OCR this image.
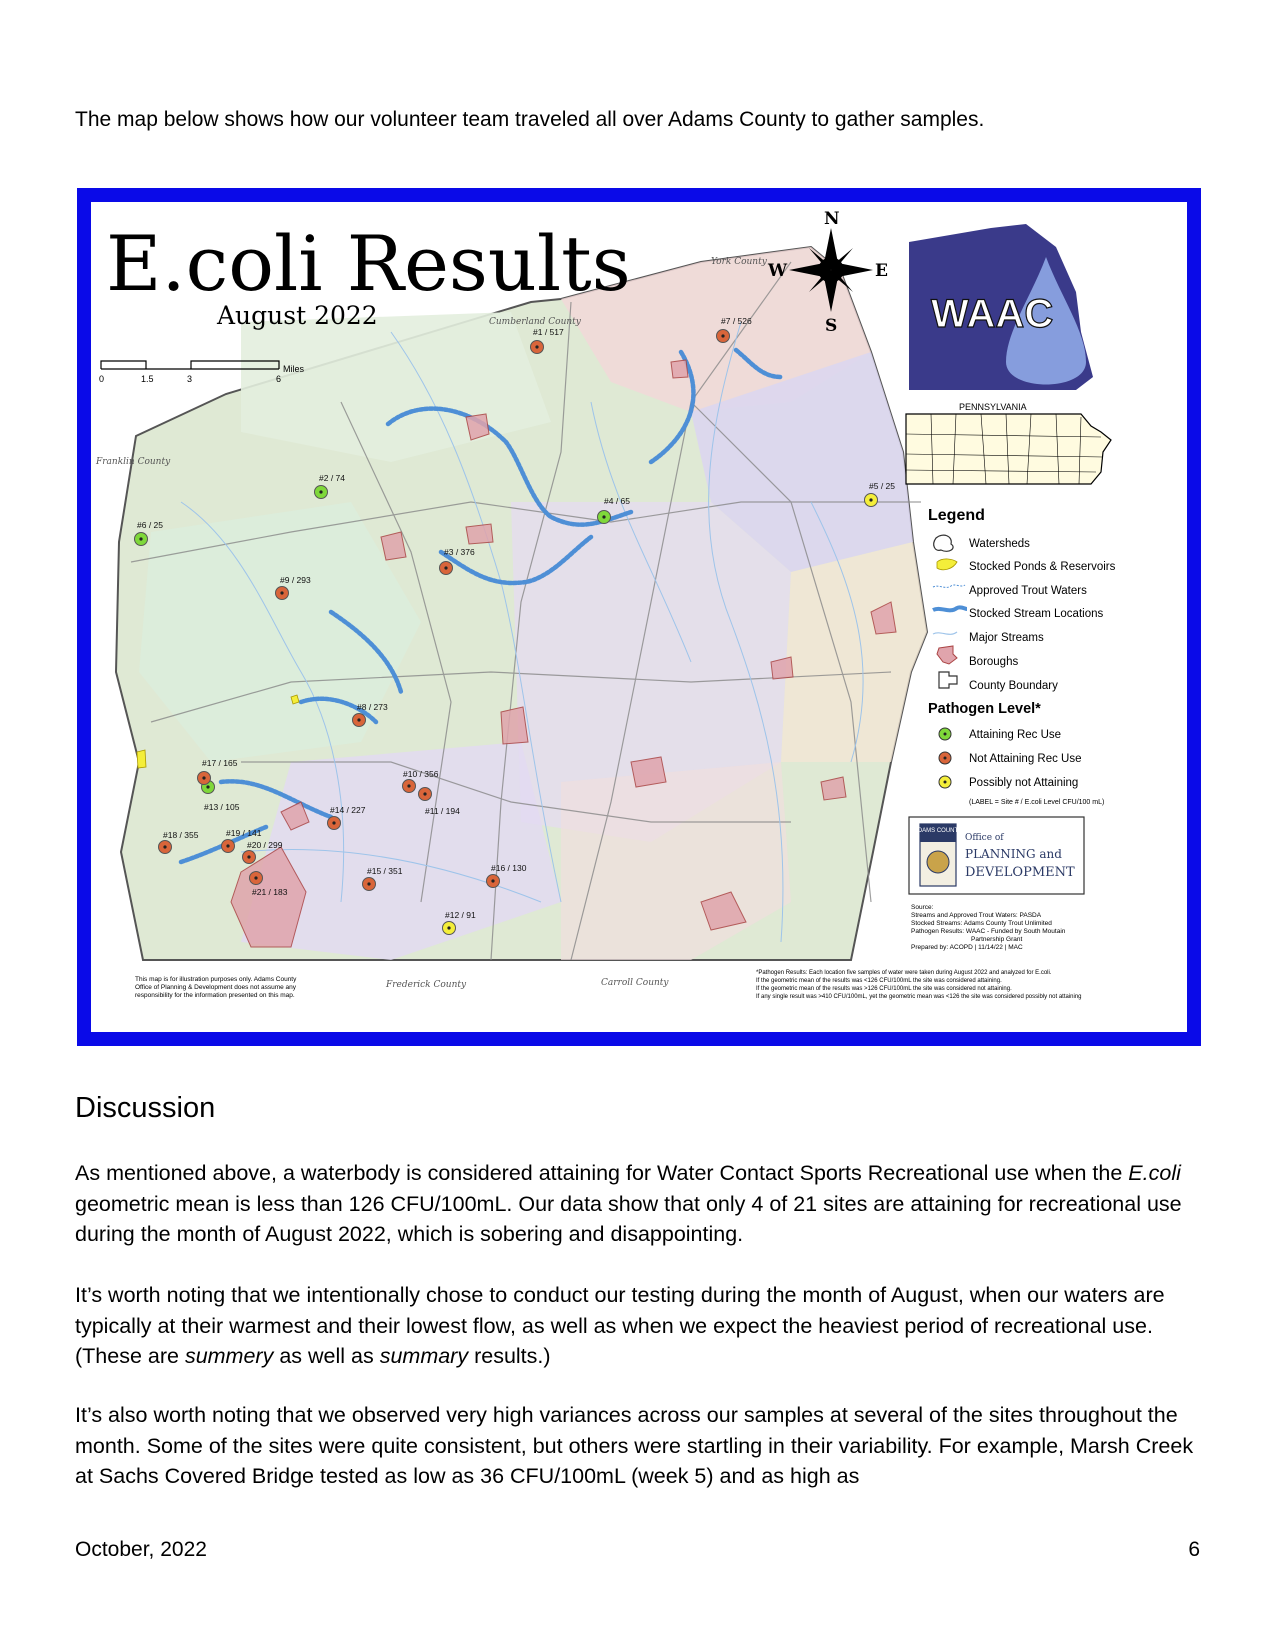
The map below shows how our volunteer team traveled all over Adams County to gather samples.

E.coli Results
August 2022
0	1.5	3	6
Miles
York County
Cumberland County
Franklin County
Frederick County	Carroll County
N
S
E
W
WAAC
PENNSYLVANIA
Legend
Watersheds
Stocked Ponds & Reservoirs
Approved Trout Waters
Stocked Stream Locations
Major Streams
Boroughs
County Boundary
Pathogen Level*
Attaining Rec Use
Not Attaining Rec Use
Possibly not Attaining
(LABEL = Site # / E.coli Level CFU/100 mL)
ADAMS COUNTY
Office of
PLANNING and
DEVELOPMENT
Source:
Streams and Approved Trout Waters: PASDA
Stocked Streams: Adams County Trout Unlimited
Pathogen Results: WAAC - Funded by South Moutain
Partnership Grant
Prepared by: ACOPD | 11/14/22 | MAC
This map is for illustration purposes only. Adams County
Office of Planning & Development does not assume any
responsibility for the information presented on this map.
*Pathogen Results: Each location five samples of water were taken during August 2022 and analyzed for E.coli.
If the geometric mean of the results was <126 CFU/100mL the site was considered attaining.
If the geometric mean of the results was >126 CFU/100mL the site was considered not attaining.
If any single result was >410 CFU/100mL, yet the geometric mean was <126 the site was considered possibly not attaining
#1 / 517
#2 / 74
#3 / 376
#4 / 65
#5 / 25
#6 / 25
#7 / 526
#8 / 273
#9 / 293
#10 / 356
#11 / 194
#12 / 91
#13 / 105	#14 / 227
#15 / 351	#16 / 130
#17 / 165
#18 / 355	#19 / 141
#20 / 299
#21 / 183
Discussion

As mentioned above, a waterbody is considered attaining for Water Contact Sports Recreational use when the E.coli geometric mean is less than 126 CFU/100mL. Our data show that only 4 of 21 sites are attaining for recreational use during the month of August 2022, which is sobering and disappointing.

It’s worth noting that we intentionally chose to conduct our testing during the month of August, when our waters are typically at their warmest and their lowest flow, as well as when we expect the heaviest period of recreational use. (These are summery as well as summary results.)

It’s also worth noting that we observed very high variances across our samples at several of the sites throughout the month. Some of the sites were quite consistent, but others were startling in their variability. For example, Marsh Creek at Sachs Covered Bridge tested as low as 36 CFU/100mL (week 5) and as high as

October, 2022	6
